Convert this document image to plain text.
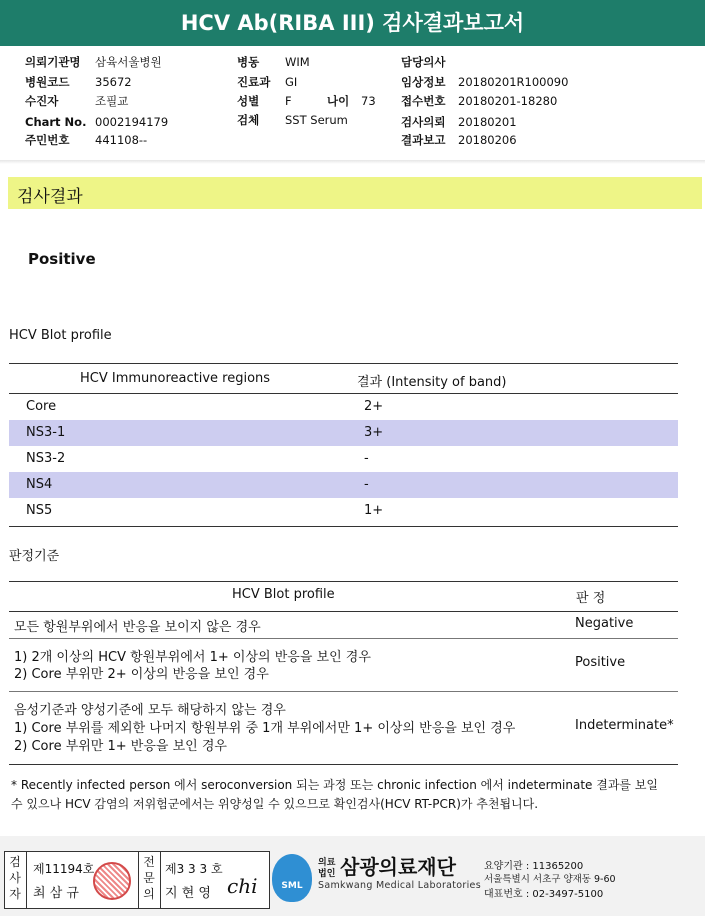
HCV Ab(RIBA III) 검사결과보고서
의뢰기관명 삼육서울병원
병원코드 35672
수진자	조필교
Chart No. 0002194179
주민번호 441108--
병동 WIM
진료과 GI
성별 F	나이 73
검체 SST Serum
담당의사
임상정보 20180201R100090
접수번호 20180201-18280
검사의뢰 20180201
결과보고 20180206
검사결과
Positive
HCV Blot profile
HCV Immunoreactive regions	결과 (Intensity of band)
Core	2+
NS3-1	3+
NS3-2	-
NS4	-
NS5	1+
판정기준
HCV Blot profile	판 정
모든 항원부위에서 반응을 보이지 않은 경우	Negative
1) 2개 이상의 HCV 항원부위에서 1+ 이상의 반응을 보인 경우
2) Core 부위만 2+ 이상의 반응을 보인 경우
Positive
음성기준과 양성기준에 모두 해당하지 않는 경우
1) Core 부위를 제외한 나머지 항원부위 중 1개 부위에서만 1+ 이상의 반응을 보인 경우
2) Core 부위만 1+ 반응을 보인 경우
Indeterminate*
* Recently infected person 에서 seroconversion 되는 과정 또는 chronic infection 에서 indeterminate 결과를 보일
수 있으나 HCV 감염의 저위험군에서는 위양성일 수 있으므로 확인검사(HCV RT-PCR)가 추천됩니다.
검사자
제11194호
최 삼 규
전문의
제3 3 3 호
지 현 영 chi	SML
의료
법인 삼광의료재단
Samkwang Medical Laboratories
요양기관 : 11365200
서울특별시 서초구 양재동 9-60
대표번호 : 02-3497-5100
